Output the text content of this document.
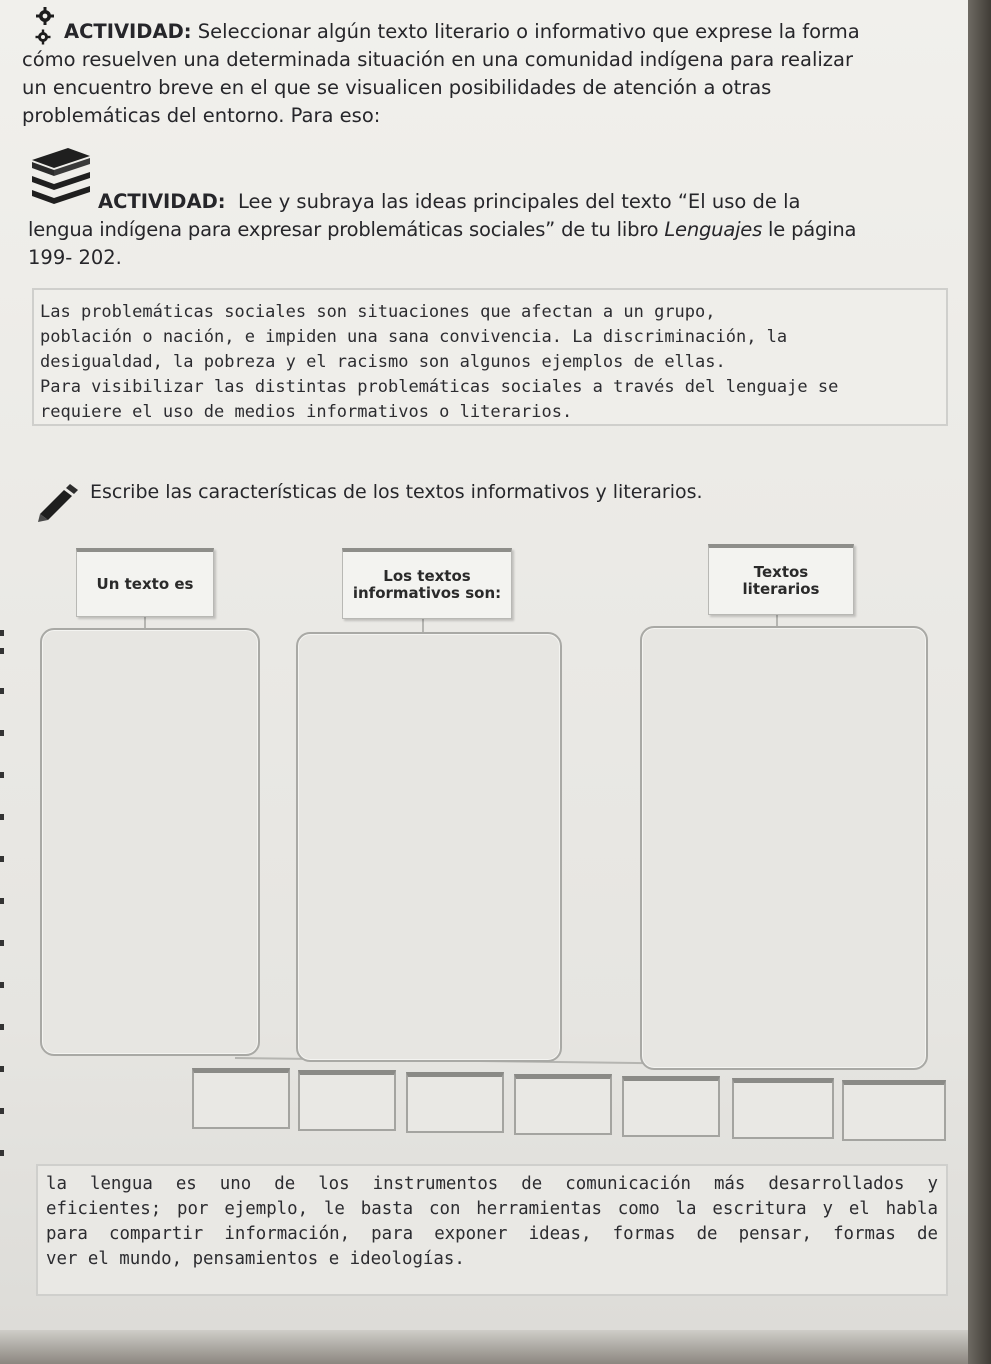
ACTIVIDAD: Seleccionar algún texto literario o informativo que exprese la forma
cómo resuelven una determinada situación en una comunidad indígena para realizar
un encuentro breve en el que se visualicen posibilidades de atención a otras
problemáticas del entorno. Para eso:
ACTIVIDAD: Lee y subraya las ideas principales del texto “El uso de la
lengua indígena para expresar problemáticas sociales” de tu libro Lenguajes le página
199- 202.
Las problemáticas sociales son situaciones que afectan a un grupo,
población o nación, e impiden una sana convivencia. La discriminación, la
desigualdad, la pobreza y el racismo son algunos ejemplos de ellas.
Para visibilizar las distintas problemáticas sociales a través del lenguaje se
requiere el uso de medios informativos o literarios.
Escribe las características de los textos informativos y literarios.
Un texto es	Los textos
informativos son:
Textos
literarios
la lengua es uno de los instrumentos de comunicación más desarrollados y
eficientes; por ejemplo, le basta con herramientas como la escritura y el habla
para compartir información, para exponer ideas, formas de pensar, formas de
ver el mundo, pensamientos e ideologías.
